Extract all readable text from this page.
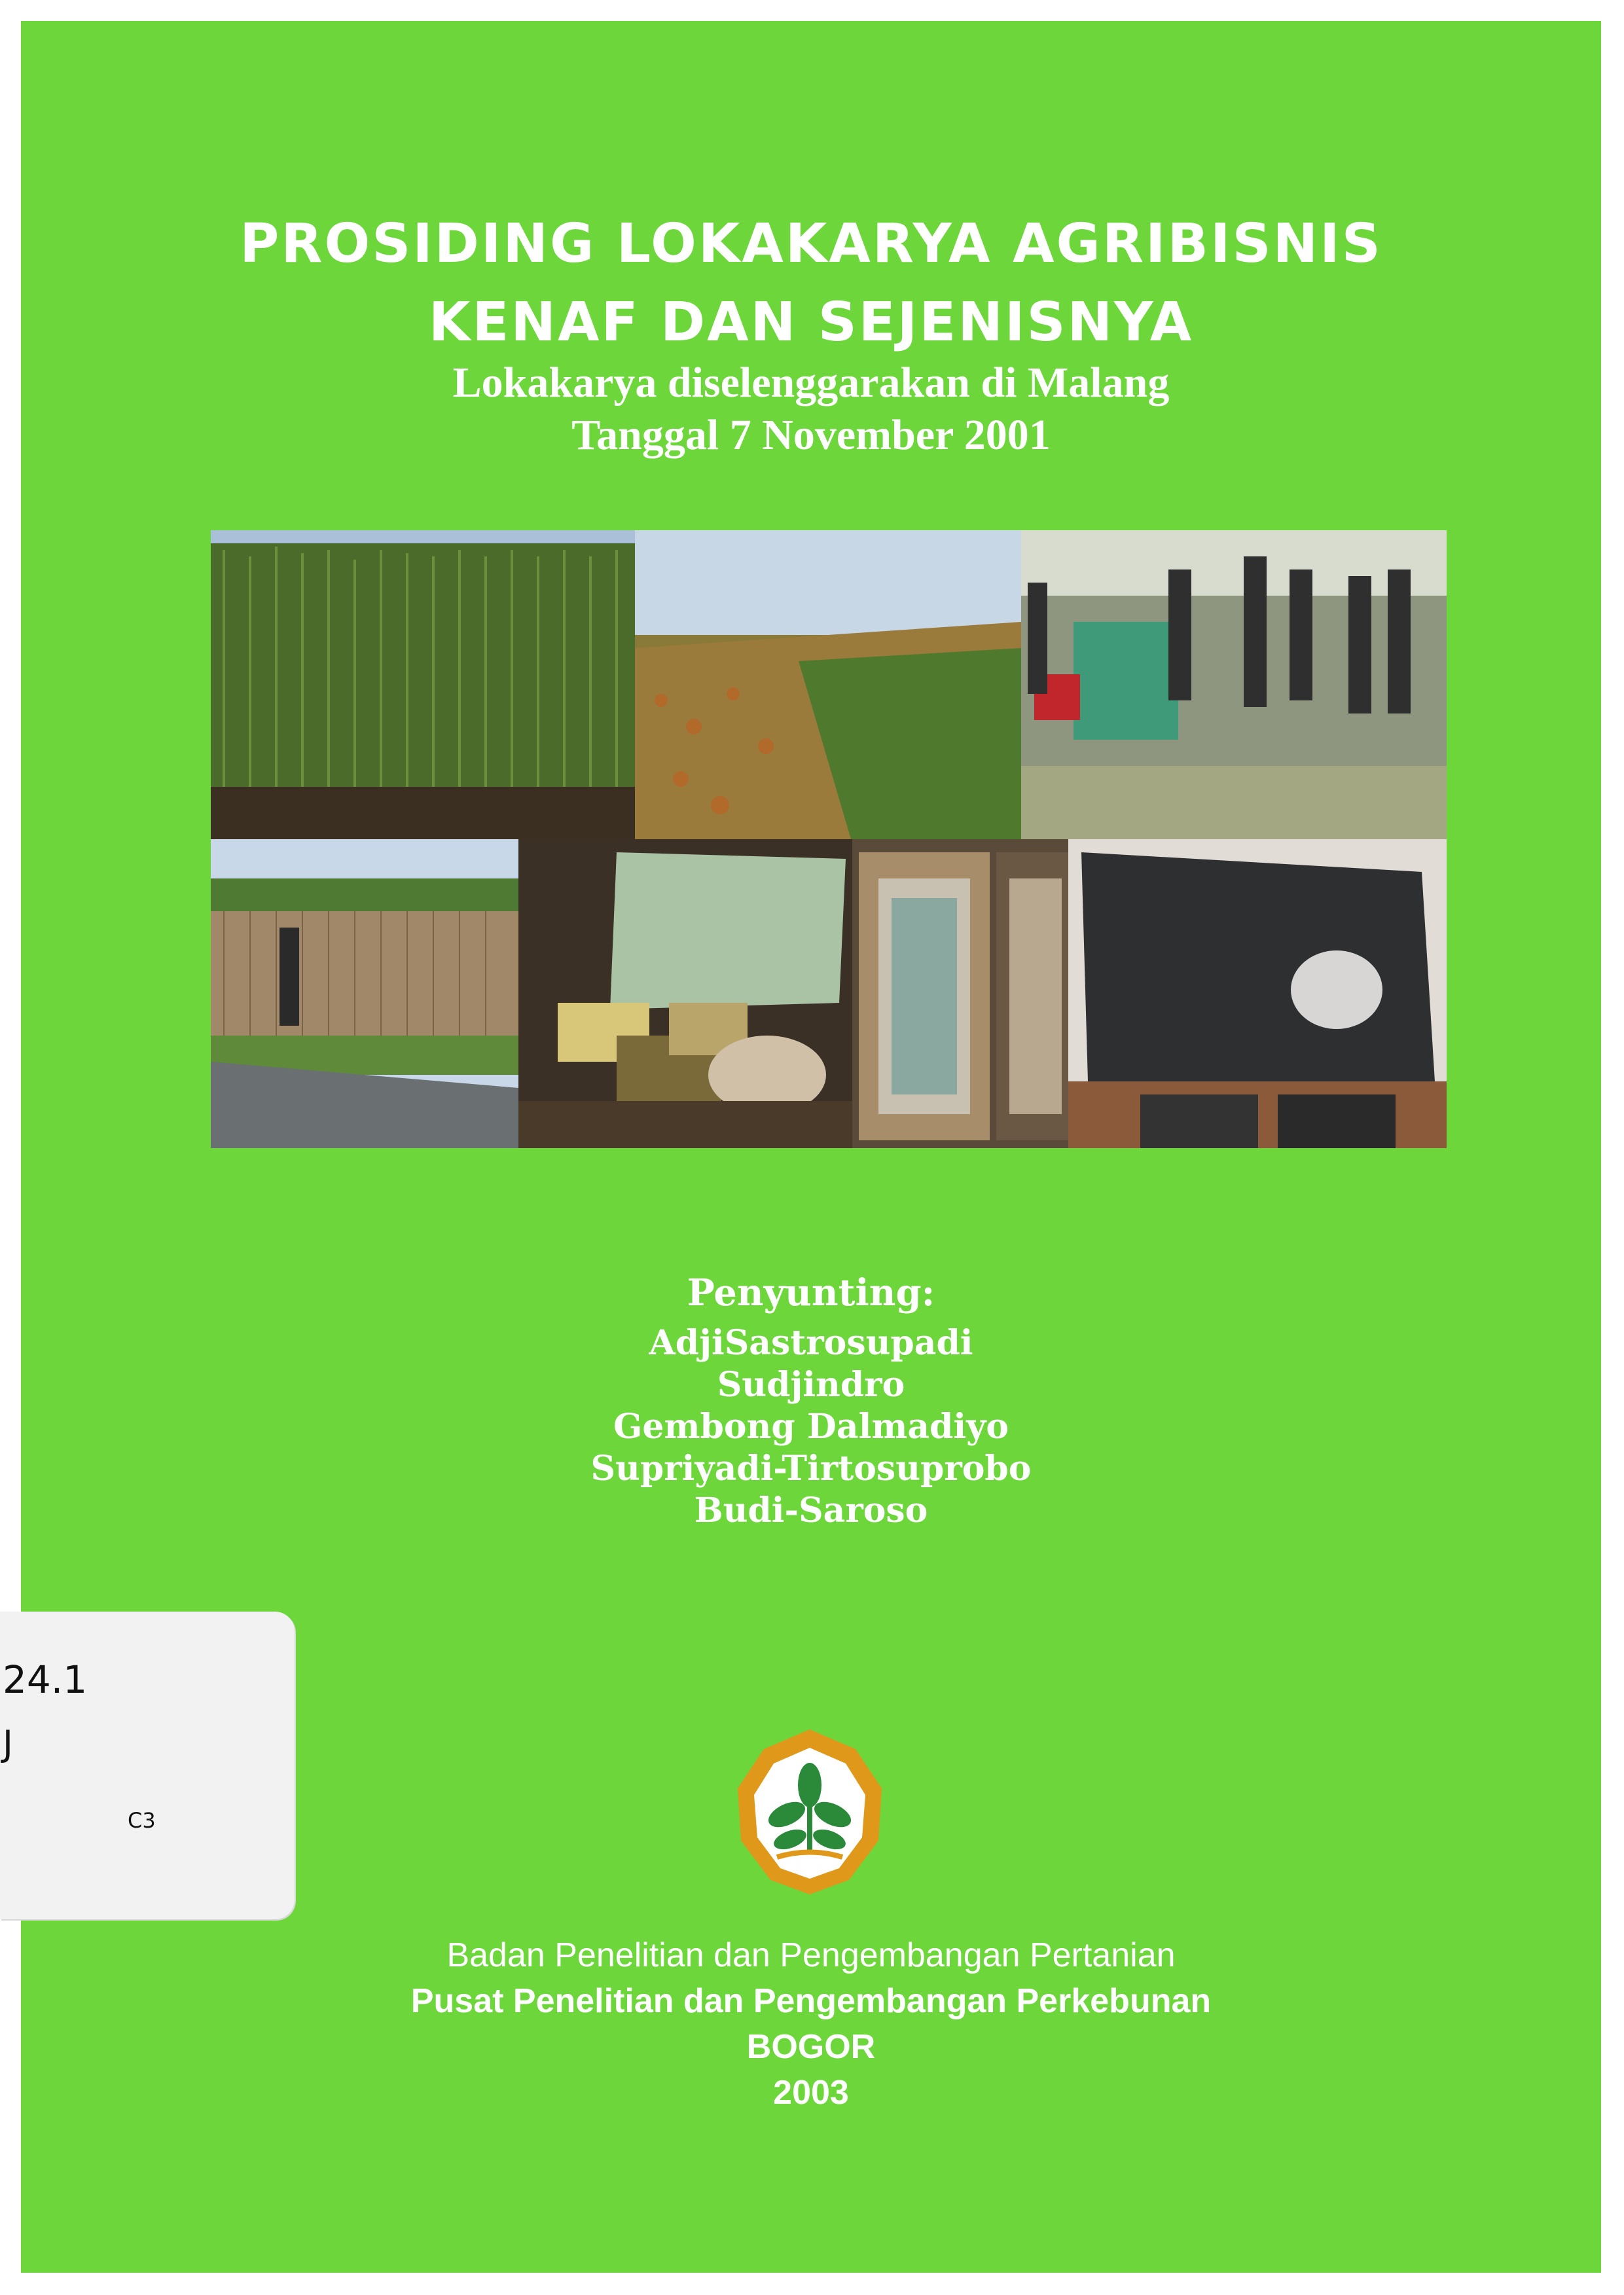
PROSIDING LOKAKARYA AGRIBISNIS
KENAF DAN SEJENISNYA
Lokakarya diselenggarakan di Malang
Tanggal 7 November 2001
Penyunting:
AdjiSastrosupadi
Sudjindro
Gembong Dalmadiyo
Supriyadi-Tirtosuprobo
Budi-Saroso
Badan Penelitian dan Pengembangan Pertanian
Pusat Penelitian dan Pengembangan Perkebunan
BOGOR
2003
24.1
J
C3
